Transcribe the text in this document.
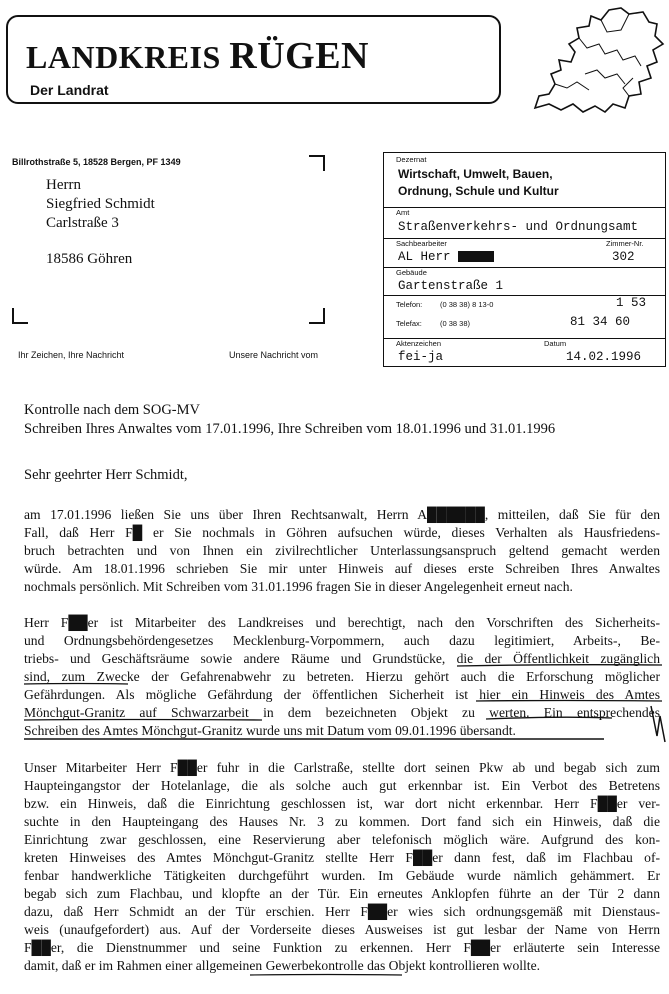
LANDKREIS RÜGEN
Der Landrat
Billrothstraße 5, 18528 Bergen, PF 1349
Herrn
Siegfried Schmidt
Carlstraße 3
18586 Göhren
Ihr Zeichen, Ihre Nachricht	Unsere Nachricht vom
Dezernat
Wirtschaft, Umwelt, Bauen,
Ordnung, Schule und Kultur
Amt
Straßenverkehrs- und Ordnungsamt
Sachbearbeiter	Zimmer-Nr.
AL Herr	302
Gebäude
Gartenstraße 1
Telefon: (0 38 38) 8 13-0	1 53
Telefax: (0 38 38)	81 34 60
Aktenzeichen	Datum
fei-ja	14.02.1996
Kontrolle nach dem SOG-MV
Schreiben Ihres Anwaltes vom 17.01.1996, Ihre Schreiben vom 18.01.1996 und 31.01.1996
Sehr geehrter Herr Schmidt,
am 17.01.1996 ließen Sie uns über Ihren Rechtsanwalt, Herrn A██████, mitteilen, daß Sie für den
Fall, daß Herr F█ er Sie nochmals in Göhren aufsuchen würde, dieses Verhalten als Hausfriedens-
bruch betrachten und von Ihnen ein zivilrechtlicher Unterlassungsanspruch geltend gemacht werden
würde. Am 18.01.1996 schrieben Sie mir unter Hinweis auf dieses erste Schreiben Ihres Anwaltes
nochmals persönlich. Mit Schreiben vom 31.01.1996 fragen Sie in dieser Angelegenheit erneut nach.
Herr F██er ist Mitarbeiter des Landkreises und berechtigt, nach den Vorschriften des Sicherheits-
und Ordnungsbehördengesetzes Mecklenburg-Vorpommern, auch dazu legitimiert, Arbeits-, Be-
triebs- und Geschäftsräume sowie andere Räume und Grundstücke, die der Öffentlichkeit zugänglich
sind, zum Zwecke der Gefahrenabwehr zu betreten. Hierzu gehört auch die Erforschung möglicher
Gefährdungen. Als mögliche Gefährdung der öffentlichen Sicherheit ist hier ein Hinweis des Amtes
Mönchgut-Granitz auf Schwarzarbeit in dem bezeichneten Objekt zu werten. Ein entsprechendes
Schreiben des Amtes Mönchgut-Granitz wurde uns mit Datum vom 09.01.1996 übersandt.
Unser Mitarbeiter Herr F██er fuhr in die Carlstraße, stellte dort seinen Pkw ab und begab sich zum
Haupteingangstor der Hotelanlage, die als solche auch gut erkennbar ist. Ein Verbot des Betretens
bzw. ein Hinweis, daß die Einrichtung geschlossen ist, war dort nicht erkennbar. Herr F██er ver-
suchte in den Haupteingang des Hauses Nr. 3 zu kommen. Dort fand sich ein Hinweis, daß die
Einrichtung zwar geschlossen, eine Reservierung aber telefonisch möglich wäre. Aufgrund des kon-
kreten Hinweises des Amtes Mönchgut-Granitz stellte Herr F██er dann fest, daß im Flachbau of-
fenbar handwerkliche Tätigkeiten durchgeführt wurden. Im Gebäude wurde nämlich gehämmert. Er
begab sich zum Flachbau, und klopfte an der Tür. Ein erneutes Anklopfen führte an der Tür 2 dann
dazu, daß Herr Schmidt an der Tür erschien. Herr F██er wies sich ordnungsgemäß mit Dienstaus-
weis (unaufgefordert) aus. Auf der Vorderseite dieses Ausweises ist gut lesbar der Name von Herrn
F██er, die Dienstnummer und seine Funktion zu erkennen. Herr F██er erläuterte sein Interesse
damit, daß er im Rahmen einer allgemeinen Gewerbekontrolle das Objekt kontrollieren wollte.
